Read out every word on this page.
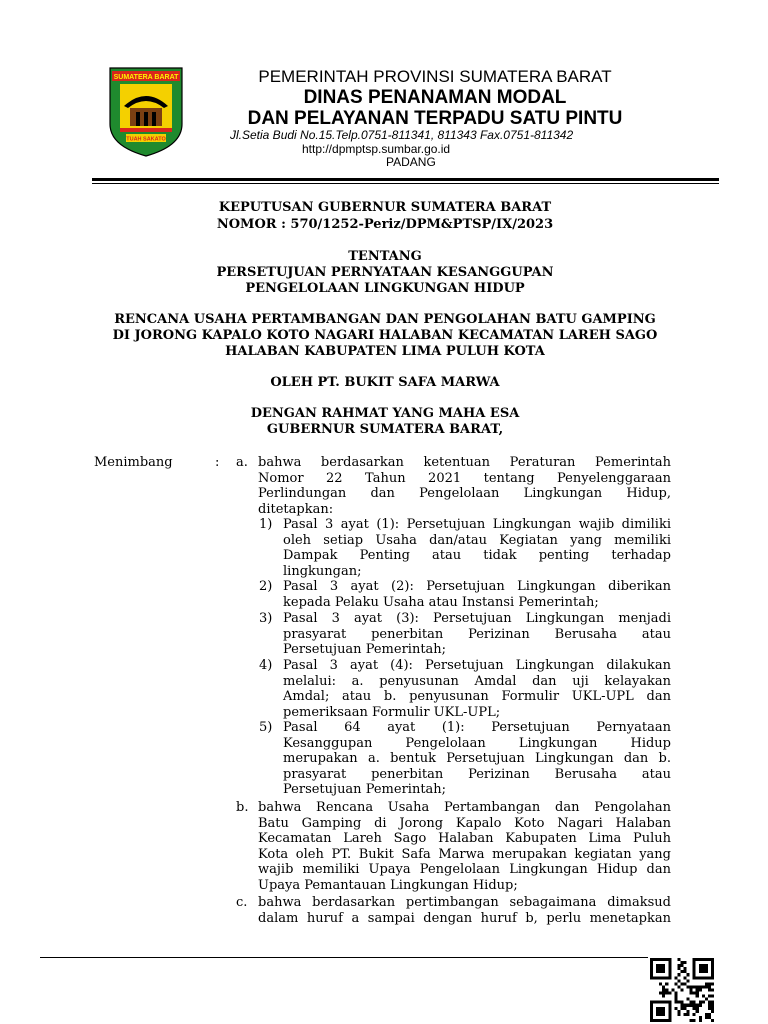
SUMATERA BARAT
TUAH SAKATO
PEMERINTAH PROVINSI SUMATERA BARAT
DINAS PENANAMAN MODAL
DAN PELAYANAN TERPADU SATU PINTU
Jl.Setia Budi No.15.Telp.0751-811341, 811343 Fax.0751-811342
http://dpmptsp.sumbar.go.id
PADANG
KEPUTUSAN GUBERNUR SUMATERA BARAT
NOMOR : 570/1252-Periz/DPM&PTSP/IX/2023
TENTANG
PERSETUJUAN PERNYATAAN KESANGGUPAN
PENGELOLAAN LINGKUNGAN HIDUP
RENCANA USAHA PERTAMBANGAN DAN PENGOLAHAN BATU GAMPING
DI JORONG KAPALO KOTO NAGARI HALABAN KECAMATAN LAREH SAGO
HALABAN KABUPATEN LIMA PULUH KOTA
OLEH PT. BUKIT SAFA MARWA
DENGAN RAHMAT YANG MAHA ESA
GUBERNUR SUMATERA BARAT,
Menimbang	: a. bahwa berdasarkan ketentuan Peraturan Pemerintah

Nomor 22 Tahun 2021 tentang Penyelenggaraan

Perlindungan dan Pengelolaan Lingkungan Hidup,

ditetapkan:

1) Pasal 3 ayat (1): Persetujuan Lingkungan wajib dimiliki

oleh setiap Usaha dan/atau Kegiatan yang memiliki

Dampak Penting atau tidak penting terhadap

lingkungan;

2) Pasal 3 ayat (2): Persetujuan Lingkungan diberikan

kepada Pelaku Usaha atau Instansi Pemerintah;

3) Pasal 3 ayat (3): Persetujuan Lingkungan menjadi

prasyarat penerbitan Perizinan Berusaha atau

Persetujuan Pemerintah;

4) Pasal 3 ayat (4): Persetujuan Lingkungan dilakukan

melalui: a. penyusunan Amdal dan uji kelayakan

Amdal; atau b. penyusunan Formulir UKL-UPL dan

pemeriksaan Formulir UKL-UPL;

5) Pasal 64 ayat (1): Persetujuan Pernyataan

Kesanggupan Pengelolaan Lingkungan Hidup

merupakan a. bentuk Persetujuan Lingkungan dan b.

prasyarat penerbitan Perizinan Berusaha atau

Persetujuan Pemerintah;

b. bahwa Rencana Usaha Pertambangan dan Pengolahan

Batu Gamping di Jorong Kapalo Koto Nagari Halaban

Kecamatan Lareh Sago Halaban Kabupaten Lima Puluh

Kota oleh PT. Bukit Safa Marwa merupakan kegiatan yang

wajib memiliki Upaya Pengelolaan Lingkungan Hidup dan

Upaya Pemantauan Lingkungan Hidup;

c. bahwa berdasarkan pertimbangan sebagaimana dimaksud

dalam huruf a sampai dengan huruf b, perlu menetapkan
